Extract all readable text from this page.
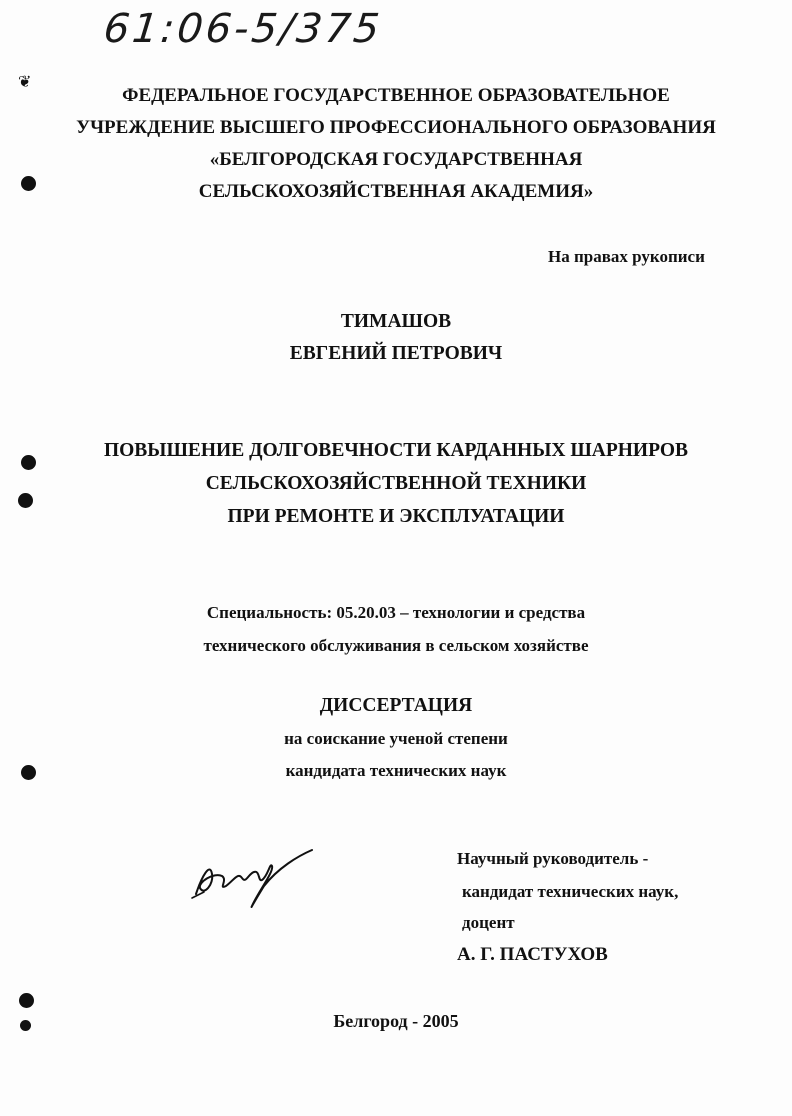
61:06-5/375
❦
ФЕДЕРАЛЬНОЕ ГОСУДАРСТВЕННОЕ ОБРАЗОВАТЕЛЬНОЕ
УЧРЕЖДЕНИЕ ВЫСШЕГО ПРОФЕССИОНАЛЬНОГО ОБРАЗОВАНИЯ
«БЕЛГОРОДСКАЯ ГОСУДАРСТВЕННАЯ
СЕЛЬСКОХОЗЯЙСТВЕННАЯ АКАДЕМИЯ»
На правах рукописи
ТИМАШОВ
ЕВГЕНИЙ ПЕТРОВИЧ
ПОВЫШЕНИЕ ДОЛГОВЕЧНОСТИ КАРДАННЫХ ШАРНИРОВ
СЕЛЬСКОХОЗЯЙСТВЕННОЙ ТЕХНИКИ
ПРИ РЕМОНТЕ И ЭКСПЛУАТАЦИИ
Специальность: 05.20.03 – технологии и средства
технического обслуживания в сельском хозяйстве
ДИССЕРТАЦИЯ
на соискание ученой степени
кандидата технических наук
Научный руководитель -
кандидат технических наук,
доцент
А. Г. ПАСТУХОВ
Белгород - 2005
